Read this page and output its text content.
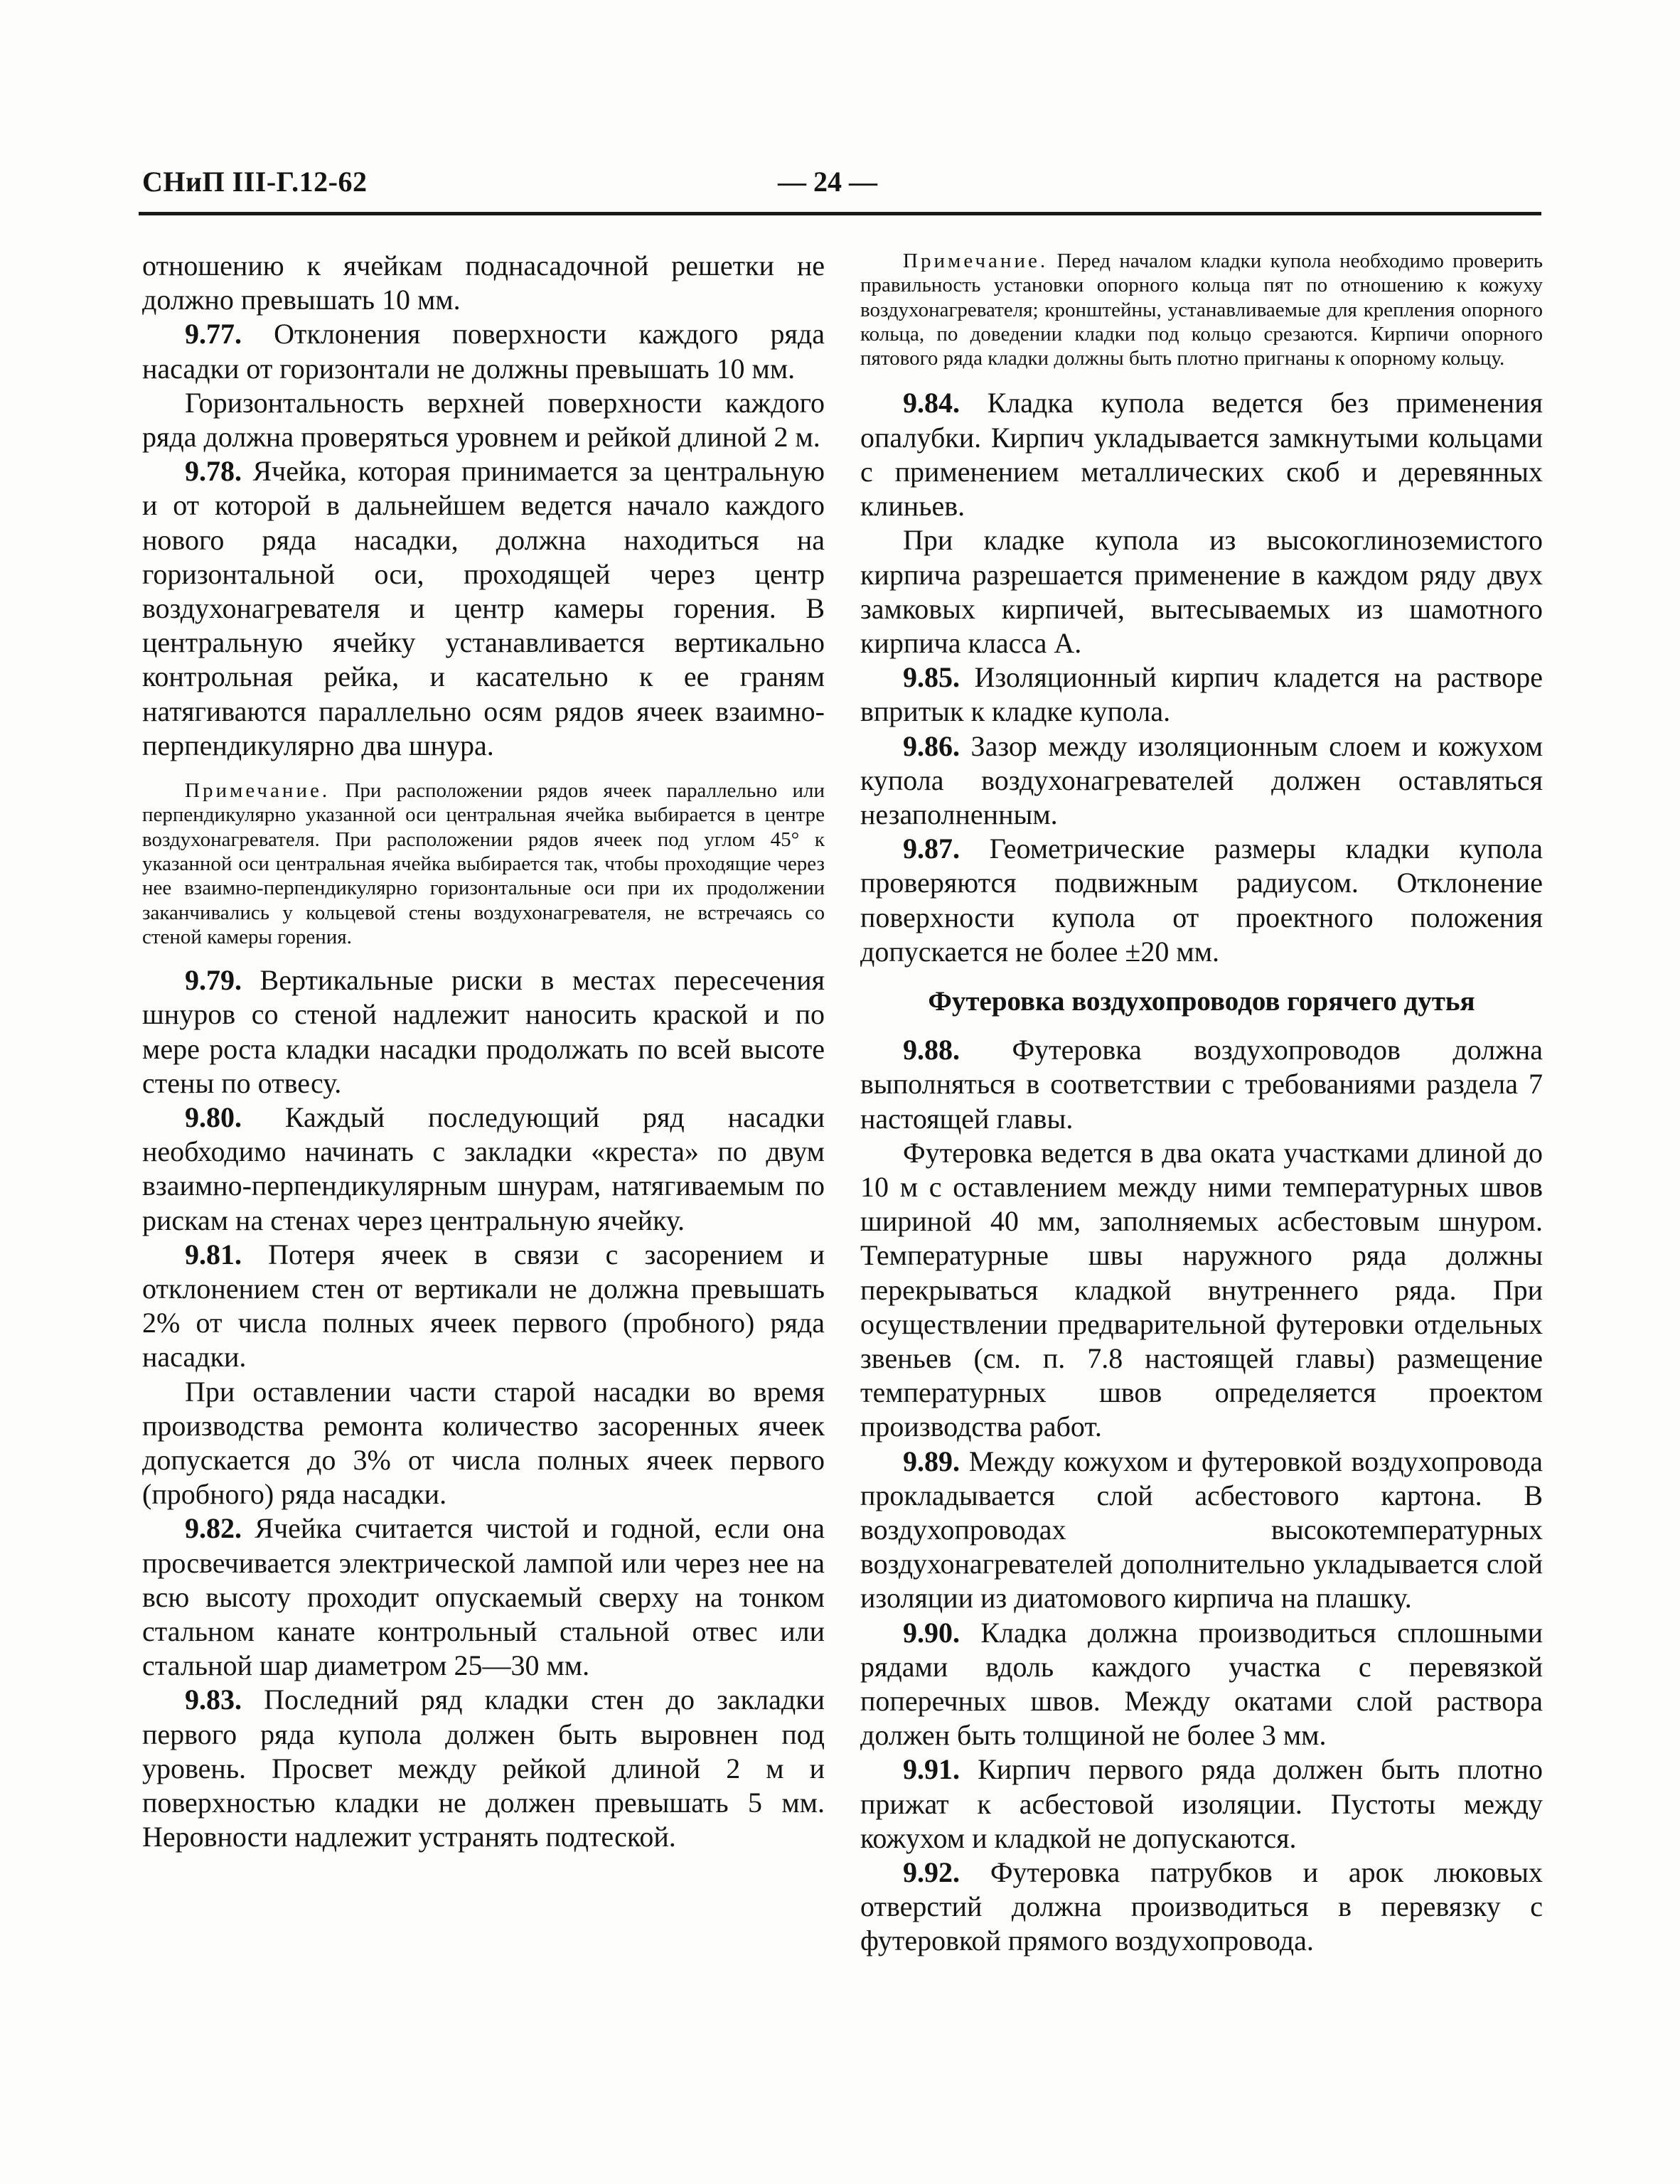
СНиП III-Г.12-62	— 24 —

отношению к ячейкам поднасадочной решетки не должно превышать 10 мм.

9.77. Отклонения поверхности каждого ряда насадки от горизонтали не должны превышать 10 мм.

Горизонтальность верхней поверхности каждого ряда должна проверяться уровнем и рейкой длиной 2 м.

9.78. Ячейка, которая принимается за центральную и от которой в дальнейшем ведется начало каждого нового ряда насадки, должна находиться на горизонтальной оси, проходящей через центр воздухонагревателя и центр камеры горения. В центральную ячейку устанавливается вертикально контрольная рейка, и касательно к ее граням натягиваются параллельно осям рядов ячеек взаимно-перпендикулярно два шнура.

Примечание. При расположении рядов ячеек параллельно или перпендикулярно указанной оси центральная ячейка выбирается в центре воздухонагревателя. При расположении рядов ячеек под углом 45° к указанной оси центральная ячейка выбирается так, чтобы проходящие через нее взаимно-перпендикулярно горизонтальные оси при их продолжении заканчивались у кольцевой стены воздухонагревателя, не встречаясь со стеной камеры горения.

9.79. Вертикальные риски в местах пересечения шнуров со стеной надлежит наносить краской и по мере роста кладки насадки продолжать по всей высоте стены по отвесу.

9.80. Каждый последующий ряд насадки необходимо начинать с закладки «креста» по двум взаимно-перпендикулярным шнурам, натягиваемым по рискам на стенах через центральную ячейку.

9.81. Потеря ячеек в связи с засорением и отклонением стен от вертикали не должна превышать 2% от числа полных ячеек первого (пробного) ряда насадки.

При оставлении части старой насадки во время производства ремонта количество засоренных ячеек допускается до 3% от числа полных ячеек первого (пробного) ряда насадки.

9.82. Ячейка считается чистой и годной, если она просвечивается электрической лампой или через нее на всю высоту проходит опускаемый сверху на тонком стальном канате контрольный стальной отвес или стальной шар диаметром 25—30 мм.

9.83. Последний ряд кладки стен до закладки первого ряда купола должен быть выровнен под уровень. Просвет между рейкой длиной 2 м и поверхностью кладки не должен превышать 5 мм. Неровности надлежит устранять подтеской.

Примечание. Перед началом кладки купола необходимо проверить правильность установки опорного кольца пят по отношению к кожуху воздухонагревателя; кронштейны, устанавливаемые для крепления опорного кольца, по доведении кладки под кольцо срезаются. Кирпичи опорного пятового ряда кладки должны быть плотно пригнаны к опорному кольцу.

9.84. Кладка купола ведется без применения опалубки. Кирпич укладывается замкнутыми кольцами с применением металлических скоб и деревянных клиньев.

При кладке купола из высокоглиноземистого кирпича разрешается применение в каждом ряду двух замковых кирпичей, вытесываемых из шамотного кирпича класса А.

9.85. Изоляционный кирпич кладется на растворе впритык к кладке купола.

9.86. Зазор между изоляционным слоем и кожухом купола воздухонагревателей должен оставляться незаполненным.

9.87. Геометрические размеры кладки купола проверяются подвижным радиусом. Отклонение поверхности купола от проектного положения допускается не более ±20 мм.

Футеровка воздухопроводов горячего дутья

9.88. Футеровка воздухопроводов должна выполняться в соответствии с требованиями раздела 7 настоящей главы.

Футеровка ведется в два оката участками длиной до 10 м с оставлением между ними температурных швов шириной 40 мм, заполняемых асбестовым шнуром. Температурные швы наружного ряда должны перекрываться кладкой внутреннего ряда. При осуществлении предварительной футеровки отдельных звеньев (см. п. 7.8 настоящей главы) размещение температурных швов определяется проектом производства работ.

9.89. Между кожухом и футеровкой воздухопровода прокладывается слой асбестового картона. В воздухопроводах высокотемпературных воздухонагревателей дополнительно укладывается слой изоляции из диатомового кирпича на плашку.

9.90. Кладка должна производиться сплошными рядами вдоль каждого участка с перевязкой поперечных швов. Между окатами слой раствора должен быть толщиной не более 3 мм.

9.91. Кирпич первого ряда должен быть плотно прижат к асбестовой изоляции. Пустоты между кожухом и кладкой не допускаются.

9.92. Футеровка патрубков и арок люковых отверстий должна производиться в перевязку с футеровкой прямого воздухопровода.
